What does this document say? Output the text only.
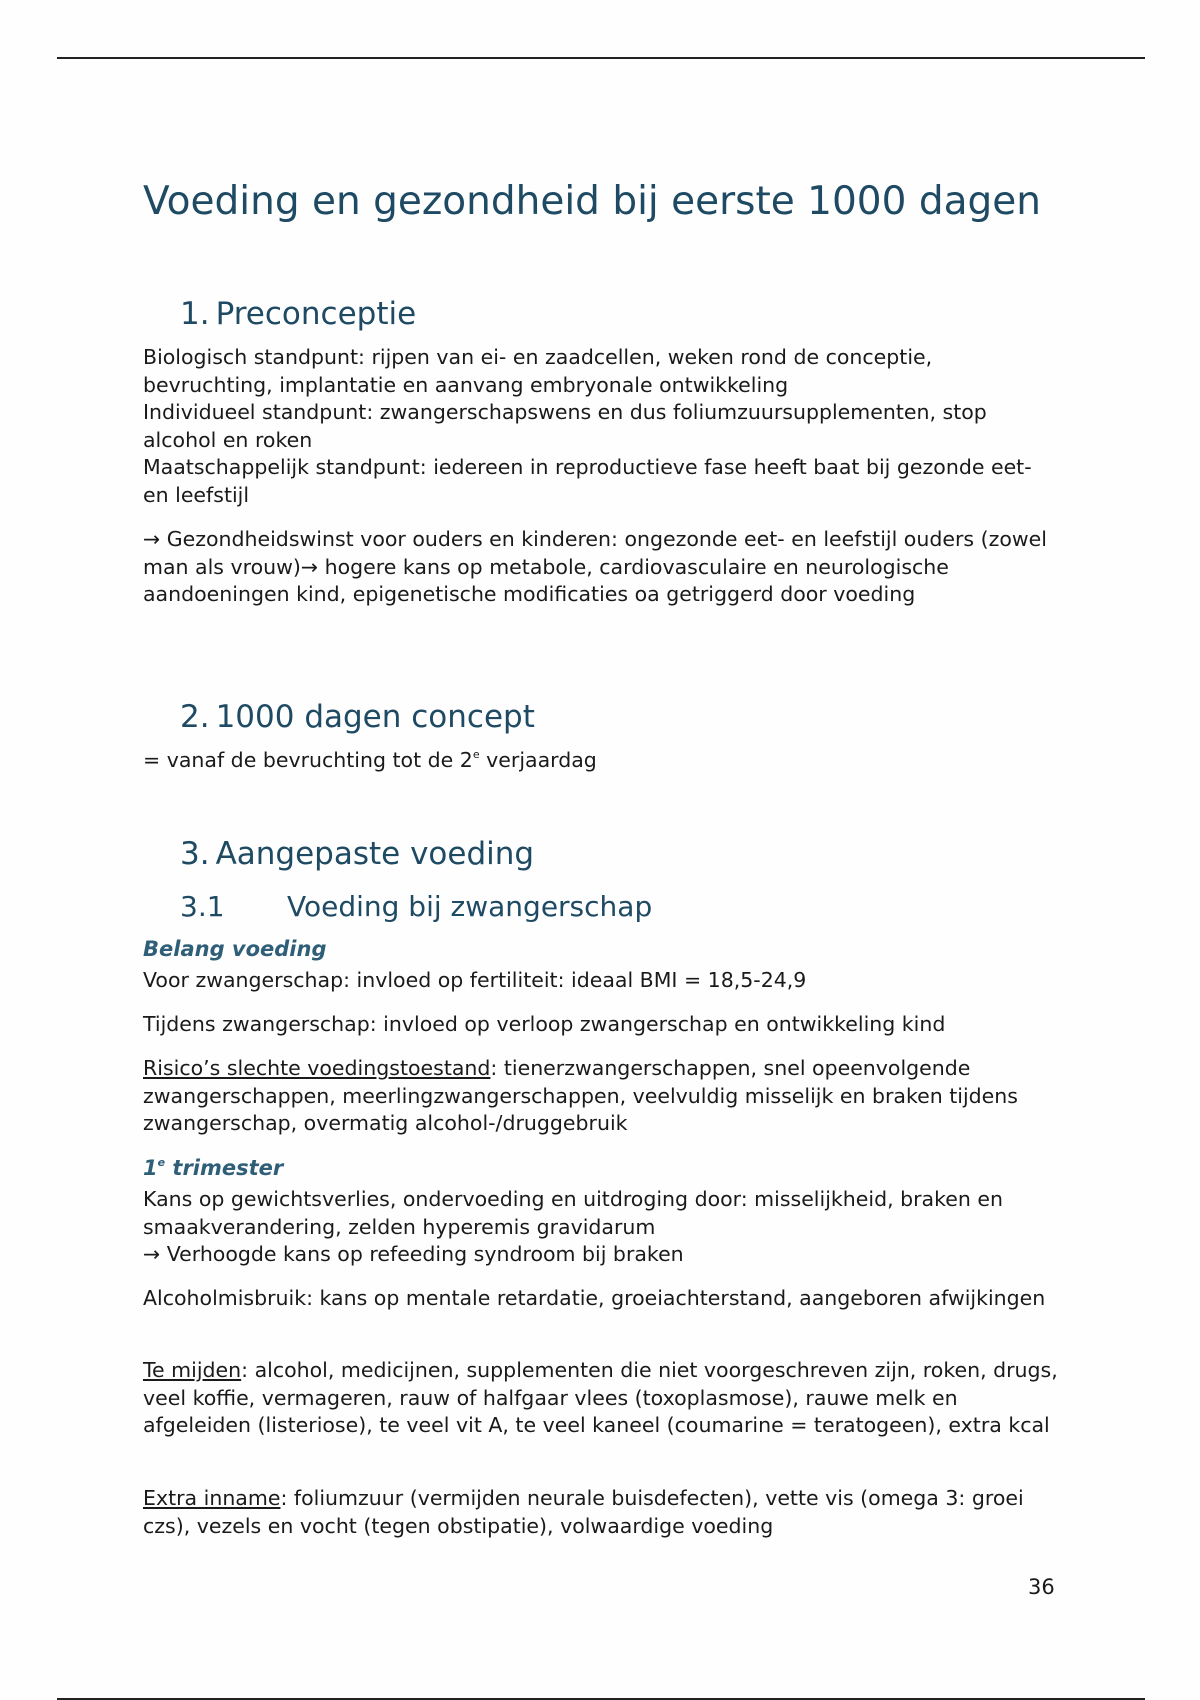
Voeding en gezondheid bij eerste 1000 dagen
1. Preconceptie

Biologisch standpunt: rijpen van ei- en zaadcellen, weken rond de conceptie, bevruchting, implantatie en aanvang embryonale ontwikkeling

Individueel standpunt: zwangerschapswens en dus foliumzuursupplementen, stop alcohol en roken

Maatschappelijk standpunt: iedereen in reproductieve fase heeft baat bij gezonde eet- en leefstijl

→ Gezondheidswinst voor ouders en kinderen: ongezonde eet- en leefstijl ouders (zowel man als vrouw)→ hogere kans op metabole, cardiovasculaire en neurologische aandoeningen kind, epigenetische modificaties oa getriggerd door voeding

2. 1000 dagen concept

= vanaf de bevruchting tot de 2e verjaardag

3. Aangepaste voeding
3.1 Voeding bij zwangerschap
Belang voeding

Voor zwangerschap: invloed op fertiliteit: ideaal BMI = 18,5-24,9

Tijdens zwangerschap: invloed op verloop zwangerschap en ontwikkeling kind

Risico’s slechte voedingstoestand: tienerzwangerschappen, snel opeenvolgende zwangerschappen, meerlingzwangerschappen, veelvuldig misselijk en braken tijdens zwangerschap, overmatig alcohol-/druggebruik

1e trimester

Kans op gewichtsverlies, ondervoeding en uitdroging door: misselijkheid, braken en smaakverandering, zelden hyperemis gravidarum

→ Verhoogde kans op refeeding syndroom bij braken

Alcoholmisbruik: kans op mentale retardatie, groeiachterstand, aangeboren afwijkingen

Te mijden: alcohol, medicijnen, supplementen die niet voorgeschreven zijn, roken, drugs, veel koffie, vermageren, rauw of halfgaar vlees (toxoplasmose), rauwe melk en afgeleiden (listeriose), te veel vit A, te veel kaneel (coumarine = teratogeen), extra kcal

Extra inname: foliumzuur (vermijden neurale buisdefecten), vette vis (omega 3: groei czs), vezels en vocht (tegen obstipatie), volwaardige voeding

36
